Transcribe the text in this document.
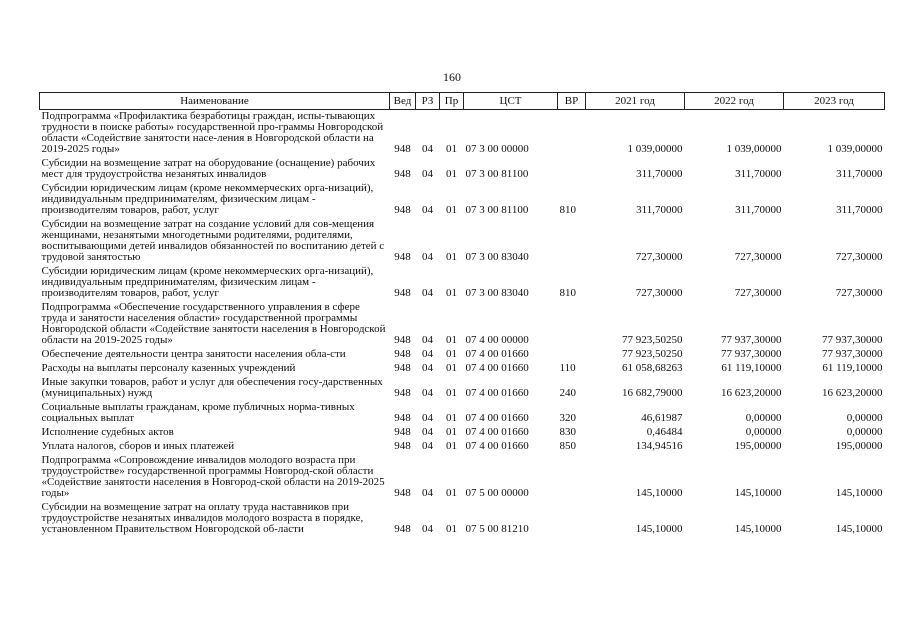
160
Наименование	Вед	РЗ	Пр	ЦСТ	ВР	2021 год	2022 год	2023 год
Подпрограмма «Профилактика безработицы граждан, испы-тывающих трудности в поиске работы» государственной про-граммы Новгородской области «Содействие занятости насе-ления в Новгородской области на 2019-2025 годы»	948	04	01	07 3 00 00000		1 039,00000	1 039,00000	1 039,00000
Субсидии на возмещение затрат на оборудование (оснащение) рабочих мест для трудоустройства незанятых инвалидов	948	04	01	07 3 00 81100		311,70000	311,70000	311,70000
Субсидии юридическим лицам (кроме некоммерческих орга-низаций), индивидуальным предпринимателям, физическим лицам - производителям товаров, работ, услуг	948	04	01	07 3 00 81100	810	311,70000	311,70000	311,70000
Субсидии на возмещение затрат на создание условий для сов-мещения женщинами, незанятыми многодетными родителями, родителями, воспитывающими детей инвалидов обязанностей по воспитанию детей с трудовой занятостью	948	04	01	07 3 00 83040		727,30000	727,30000	727,30000
Субсидии юридическим лицам (кроме некоммерческих орга-низаций), индивидуальным предпринимателям, физическим лицам - производителям товаров, работ, услуг	948	04	01	07 3 00 83040	810	727,30000	727,30000	727,30000
Подпрограмма «Обеспечение государственного управления в сфере труда и занятости населения области» государственной программы Новгородской области «Содействие занятости населения в Новгородской области на 2019-2025 годы»	948	04	01	07 4 00 00000		77 923,50250	77 937,30000	77 937,30000
Обеспечение деятельности центра занятости населения обла-сти	948	04	01	07 4 00 01660		77 923,50250	77 937,30000	77 937,30000
Расходы на выплаты персоналу казенных учреждений	948	04	01	07 4 00 01660	110	61 058,68263	61 119,10000	61 119,10000
Иные закупки товаров, работ и услуг для обеспечения госу-дарственных (муниципальных) нужд	948	04	01	07 4 00 01660	240	16 682,79000	16 623,20000	16 623,20000
Социальные выплаты гражданам, кроме публичных норма-тивных социальных выплат	948	04	01	07 4 00 01660	320	46,61987	0,00000	0,00000
Исполнение судебных актов	948	04	01	07 4 00 01660	830	0,46484	0,00000	0,00000
Уплата налогов, сборов и иных платежей	948	04	01	07 4 00 01660	850	134,94516	195,00000	195,00000
Подпрограмма «Сопровождение инвалидов молодого возраста при трудоустройстве» государственной программы Новгород-ской области «Содействие занятости населения в Новгород-ской области на 2019-2025 годы»	948	04	01	07 5 00 00000		145,10000	145,10000	145,10000
Субсидии на возмещение затрат на оплату труда наставников при трудоустройстве незанятых инвалидов молодого возраста в порядке, установленном Правительством Новгородской об-ласти	948	04	01	07 5 00 81210		145,10000	145,10000	145,10000
